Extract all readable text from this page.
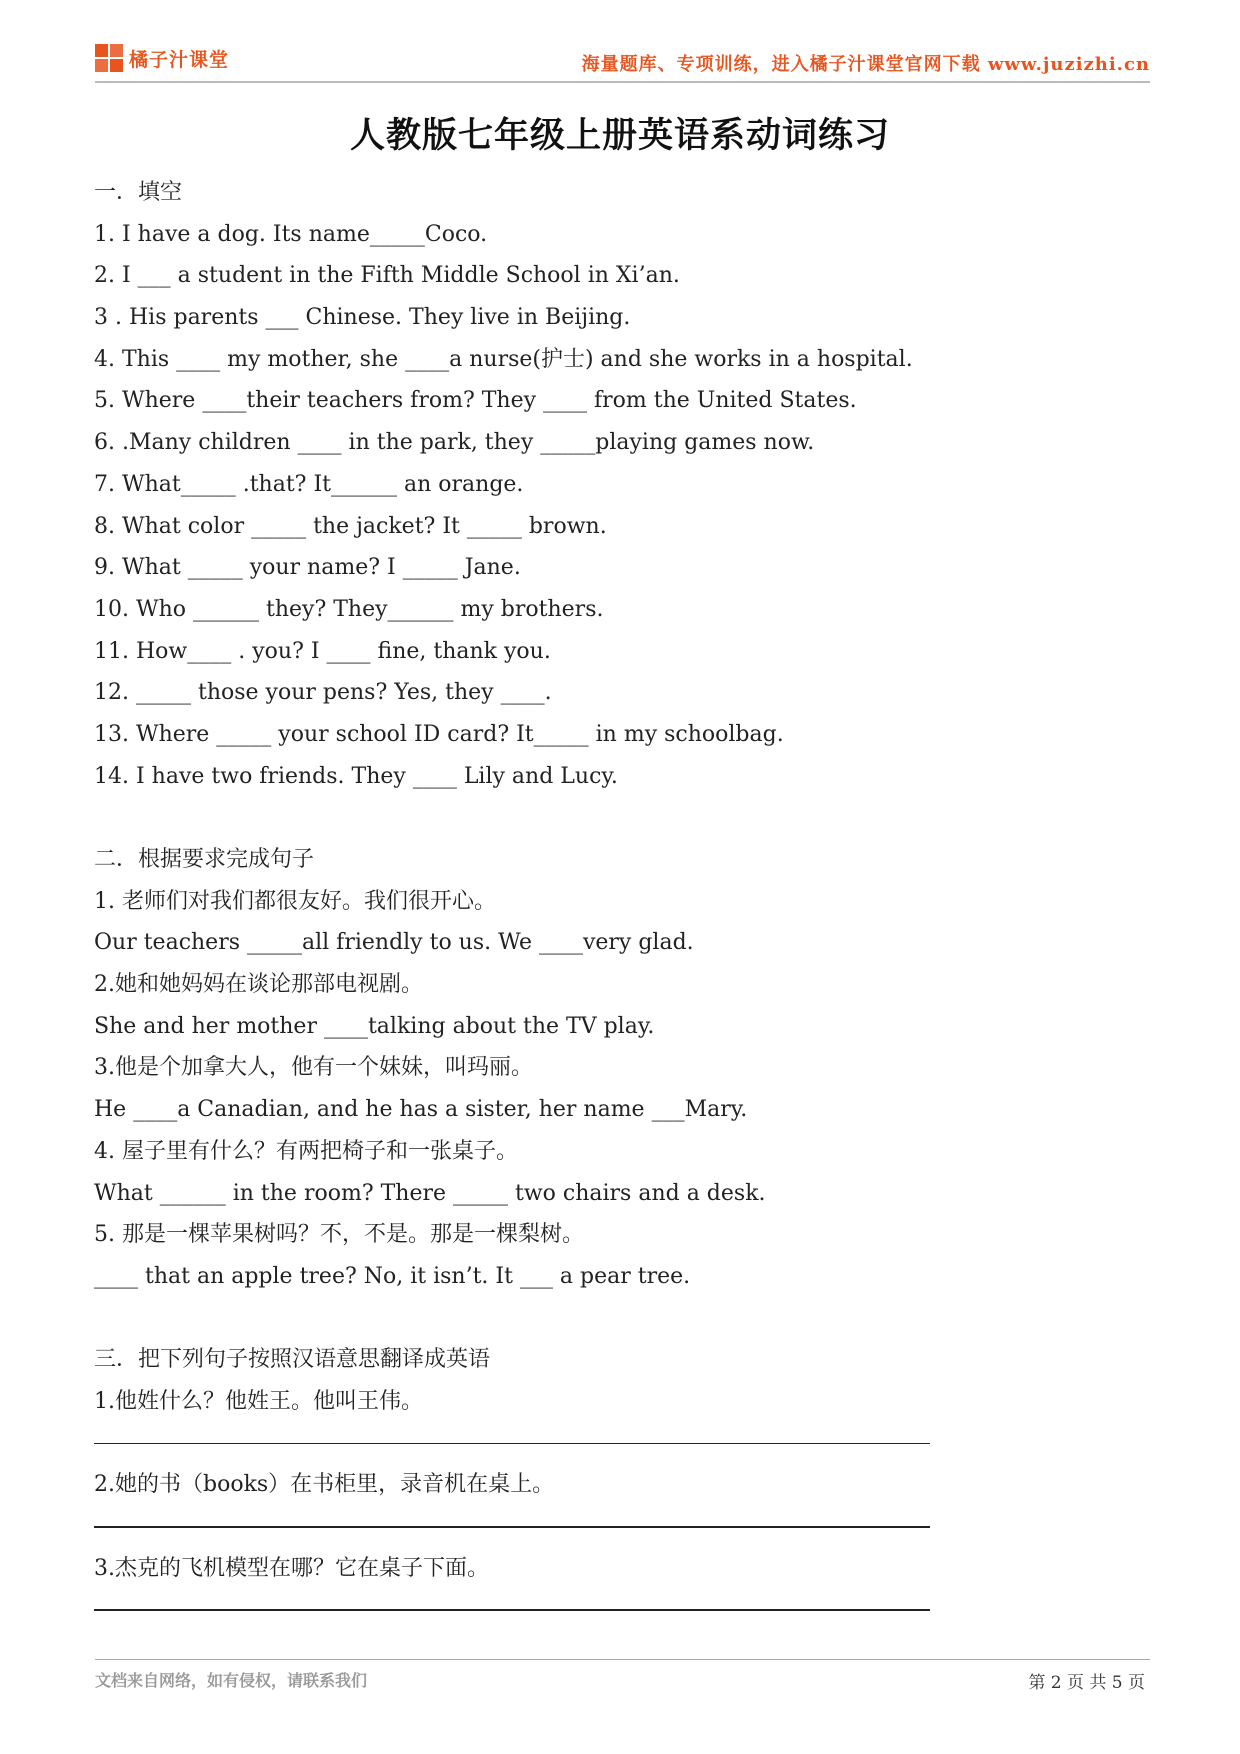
橘子汁课堂	海量题库、专项训练，进入橘子汁课堂官网下载 www.juzizhi.cn
人教版七年级上册英语系动词练习
一．填空
1. I have a dog. Its name_____Coco.
2. I ___ a student in the Fifth Middle School in Xi’an.
3 . His parents ___ Chinese. They live in Beijing.
4. This ____ my mother, she ____a nurse(护士) and she works in a hospital.
5. Where ____their teachers from? They ____ from the United States.
6. .Many children ____ in the park, they _____playing games now.
7. What_____ .that? It______ an orange.
8. What color _____ the jacket? It _____ brown.
9. What _____ your name? I _____ Jane.
10. Who ______ they? They______ my brothers.
11. How____ . you? I ____ fine, thank you.
12. _____ those your pens? Yes, they ____.
13. Where _____ your school ID card? It_____ in my schoolbag.
14. I have two friends. They ____ Lily and Lucy.
二．根据要求完成句子
1. 老师们对我们都很友好。我们很开心。
Our teachers _____all friendly to us. We ____very glad.
2.她和她妈妈在谈论那部电视剧。
She and her mother ____talking about the TV play.
3.他是个加拿大人，他有一个妹妹，叫玛丽。
He ____a Canadian, and he has a sister, her name ___Mary.
4. 屋子里有什么？有两把椅子和一张桌子。
What ______ in the room? There _____ two chairs and a desk.
5. 那是一棵苹果树吗？不，不是。那是一棵梨树。
____ that an apple tree? No, it isn’t. It ___ a pear tree.
三．把下列句子按照汉语意思翻译成英语
1.他姓什么？他姓王。他叫王伟。
2.她的书（books）在书柜里，录音机在桌上。
3.杰克的飞机模型在哪？它在桌子下面。
文档来自网络，如有侵权，请联系我们	第 2 页 共 5 页
